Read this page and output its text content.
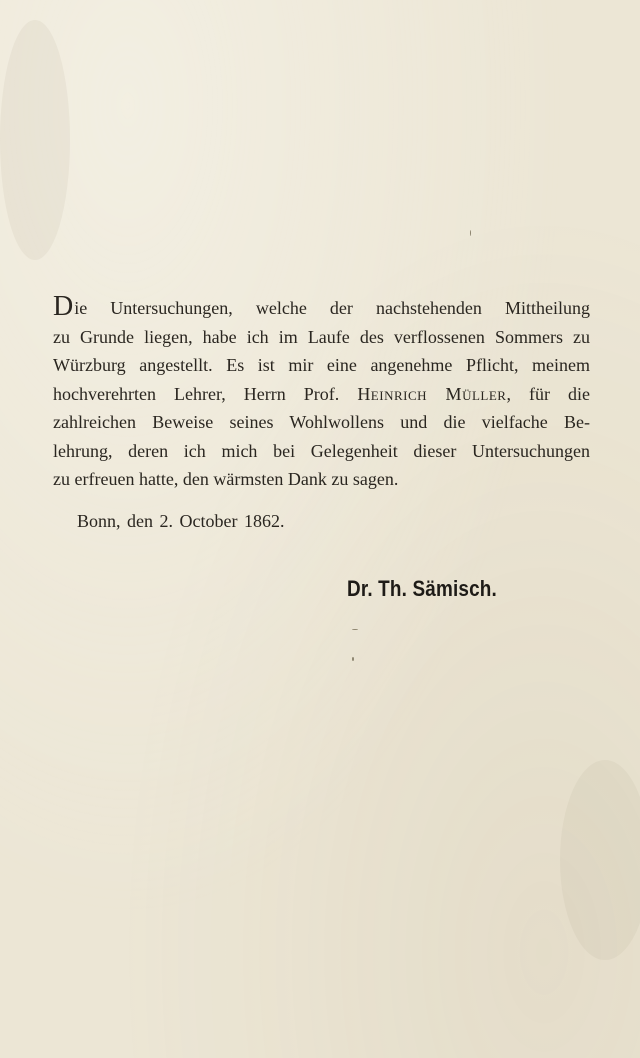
Die Untersuchungen, welche der nachstehenden Mittheilung
zu Grunde liegen, habe ich im Laufe des verflossenen Sommers zu
Würzburg angestellt. Es ist mir eine angenehme Pflicht, meinem
hochverehrten Lehrer, Herrn Prof. Heinrich Müller, für die
zahlreichen Beweise seines Wohlwollens und die vielfache Be-
lehrung, deren ich mich bei Gelegenheit dieser Untersuchungen
zu erfreuen hatte, den wärmsten Dank zu sagen.
Bonn, den 2. October 1862.
Dr. Th. Sämisch.
